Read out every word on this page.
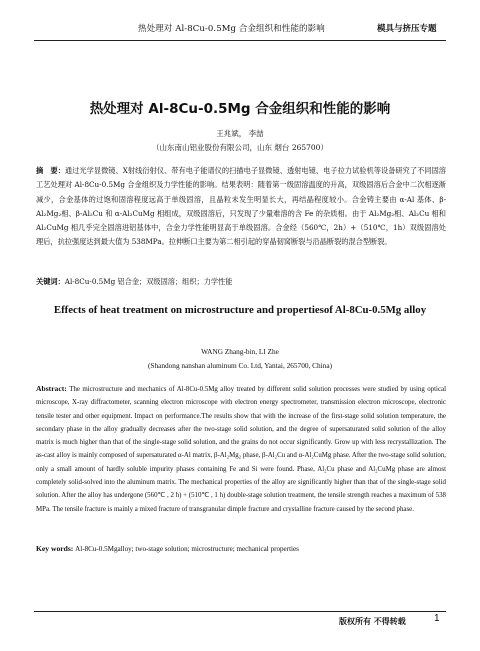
热处理对 Al-8Cu-0.5Mg 合金组织和性能的影响	模具与挤压专题
热处理对 Al-8Cu-0.5Mg 合金组织和性能的影响
王兆斌， 李喆
（山东南山铝业股份有限公司，山东 烟台 265700）
摘　要：通过光学显微镜、X射线衍射仪、带有电子能谱仪的扫描电子显微镜、透射电镜、电子拉力试验机等设备研究了不同固溶工艺处理对 Al-8Cu-0.5Mg 合金组织及力学性能的影响。结果表明：随着第一级固溶温度的升高，双级固溶后合金中二次相逐渐减少，合金基体的过饱和固溶程度远高于单级固溶，且晶粒未发生明显长大，再结晶程度较小。合金铸主要由 α-Al 基体、β-Al₂Mg₂相、β-Al₂Cu 和 α-Al₂CuMg 相组成，双级固溶后，只发现了少量难溶的含 Fe 的杂质相。由于 Al₂Mg₂相、Al₂Cu 相和 Al₂CuMg 相几乎完全固溶进铝基体中，合金力学性能明显高于单级固溶。合金经（560℃，2h）+（510℃，1h）双级固溶处理后，抗拉强度达到最大值为 538MPa。拉伸断口主要为第二相引起的穿晶韧窝断裂与沿晶断裂的混合型断裂。
关键词：Al-8Cu-0.5Mg 铝合金；双级固溶；组织；力学性能
Effects of heat treatment on microstructure and propertiesof Al-8Cu-0.5Mg alloy
WANG Zhang-bin, LI Zhe
(Shandong nanshan aluminum Co. Ltd, Yantai, 265700, China)
Abstract: The microstructure and mechanics of Al-8Cu-0.5Mg alloy treated by different solid solution processes were studied by using optical microscope, X-ray diffractometer, scanning electron microscope with electron energy spectrometer, transmission electron microscope, electronic tensile tester and other equipment. Impact on performance.The results show that with the increase of the first-stage solid solution temperature, the secondary phase in the alloy gradually decreases after the two-stage solid solution, and the degree of supersaturated solid solution of the alloy matrix is much higher than that of the single-stage solid solution, and the grains do not occur significantly. Grow up with less recrystallization. The as-cast alloy is mainly composed of supersaturated α-Al matrix, β-Al₂Mg₂ phase, β-Al₂Cu and α-Al₂CuMg phase. After the two-stage solid solution, only a small amount of hardly soluble impurity phases containing Fe and Si were found. Phase, Al₂Cu phase and Al₂CuMg phase are almost completely solid-solved into the aluminum matrix. The mechanical properties of the alloy are significantly higher than that of the single-stage solid solution. After the alloy has undergone (560℃ , 2 h) + (510℃ , 1 h) double-stage solution treatment, the tensile strength reaches a maximum of 538 MPa. The tensile fracture is mainly a mixed fracture of transgranular dimple fracture and crystalline fracture caused by the second phase.
Key words: Al-8Cu-0.5Mgalloy; two-stage solution; microstructure; mechanical properties
版权所有 不得转载	1
